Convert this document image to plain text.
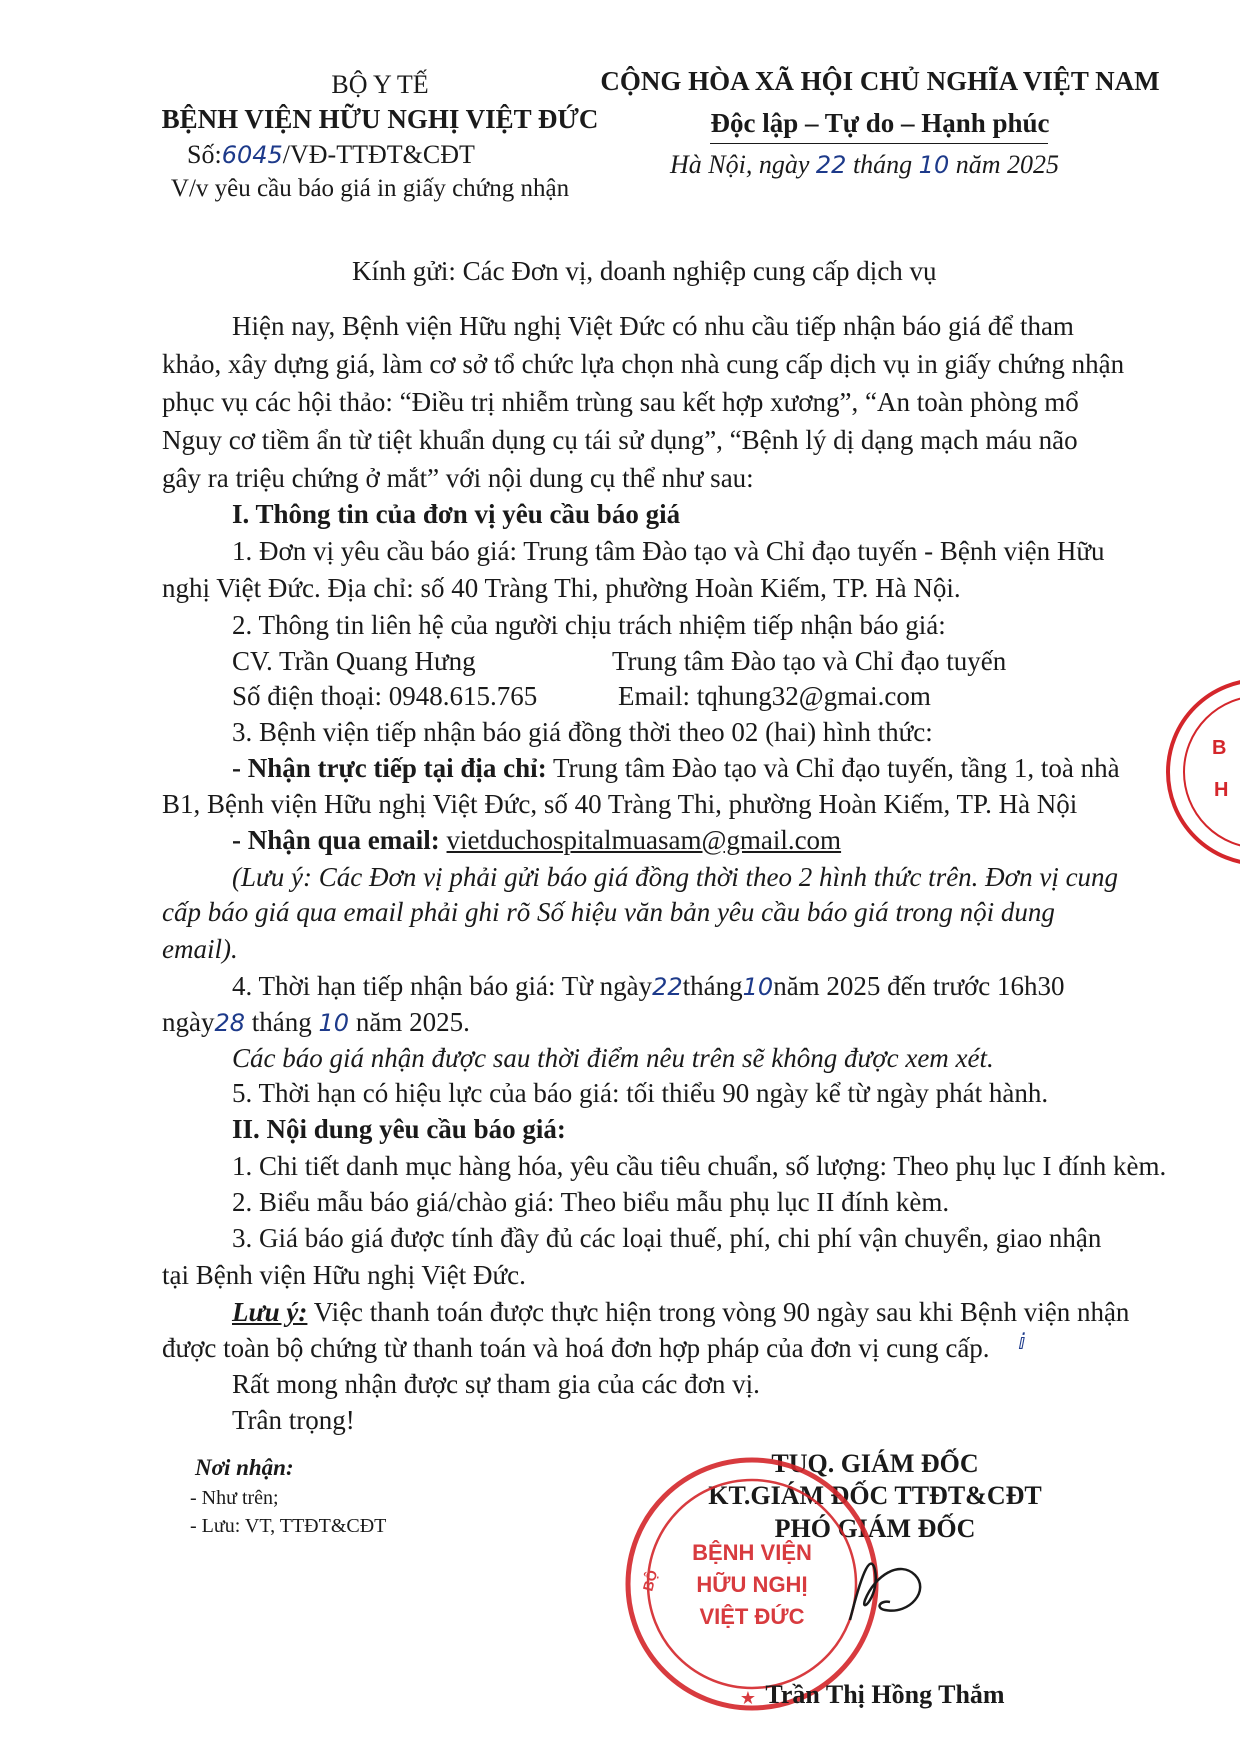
BỘ Y TẾ
BỆNH VIỆN HỮU NGHỊ VIỆT ĐỨC
Số:6045/VĐ-TTĐT&CĐT
V/v yêu cầu báo giá in giấy chứng nhận
CỘNG HÒA XÃ HỘI CHỦ NGHĨA VIỆT NAM
Độc lập – Tự do – Hạnh phúc
Hà Nội, ngày 22 tháng 10 năm 2025
Kính gửi: Các Đơn vị, doanh nghiệp cung cấp dịch vụ
Hiện nay, Bệnh viện Hữu nghị Việt Đức có nhu cầu tiếp nhận báo giá để tham
khảo, xây dựng giá, làm cơ sở tổ chức lựa chọn nhà cung cấp dịch vụ in giấy chứng nhận
phục vụ các hội thảo: “Điều trị nhiễm trùng sau kết hợp xương”, “An toàn phòng mổ
Nguy cơ tiềm ẩn từ tiệt khuẩn dụng cụ tái sử dụng”, “Bệnh lý dị dạng mạch máu não
gây ra triệu chứng ở mắt” với nội dung cụ thể như sau:
I. Thông tin của đơn vị yêu cầu báo giá
1. Đơn vị yêu cầu báo giá: Trung tâm Đào tạo và Chỉ đạo tuyến - Bệnh viện Hữu
nghị Việt Đức. Địa chỉ: số 40 Tràng Thi, phường Hoàn Kiếm, TP. Hà Nội.
2. Thông tin liên hệ của người chịu trách nhiệm tiếp nhận báo giá:
CV. Trần Quang Hưng	Trung tâm Đào tạo và Chỉ đạo tuyến
Số điện thoại: 0948.615.765	Email: tqhung32@gmai.com
3. Bệnh viện tiếp nhận báo giá đồng thời theo 02 (hai) hình thức:
- Nhận trực tiếp tại địa chỉ: Trung tâm Đào tạo và Chỉ đạo tuyến, tầng 1, toà nhà
B1, Bệnh viện Hữu nghị Việt Đức, số 40 Tràng Thi, phường Hoàn Kiếm, TP. Hà Nội
- Nhận qua email: vietduchospitalmuasam@gmail.com
(Lưu ý: Các Đơn vị phải gửi báo giá đồng thời theo 2 hình thức trên. Đơn vị cung
cấp báo giá qua email phải ghi rõ Số hiệu văn bản yêu cầu báo giá trong nội dung
email).
4. Thời hạn tiếp nhận báo giá: Từ ngày22tháng10năm 2025 đến trước 16h30
ngày28 tháng 10 năm 2025.
Các báo giá nhận được sau thời điểm nêu trên sẽ không được xem xét.
5. Thời hạn có hiệu lực của báo giá: tối thiểu 90 ngày kể từ ngày phát hành.
II. Nội dung yêu cầu báo giá:
1. Chi tiết danh mục hàng hóa, yêu cầu tiêu chuẩn, số lượng: Theo phụ lục I đính kèm.
2. Biểu mẫu báo giá/chào giá: Theo biểu mẫu phụ lục II đính kèm.
3. Giá báo giá được tính đầy đủ các loại thuế, phí, chi phí vận chuyển, giao nhận
tại Bệnh viện Hữu nghị Việt Đức.
Lưu ý: Việc thanh toán được thực hiện trong vòng 90 ngày sau khi Bệnh viện nhận
được toàn bộ chứng từ thanh toán và hoá đơn hợp pháp của đơn vị cung cấp.
Rất mong nhận được sự tham gia của các đơn vị.
Trân trọng!
Nơi nhận:
- Như trên;
- Lưu: VT, TTĐT&CĐT
TUQ. GIÁM ĐỐC
KT.GIÁM ĐỐC TTĐT&CĐT
PHÓ GIÁM ĐỐC
BỆNH VIỆN
HỮU NGHỊ
VIỆT ĐỨC
BỘ
★ Trần Thị Hồng Thắm
B
H
ⅈ
